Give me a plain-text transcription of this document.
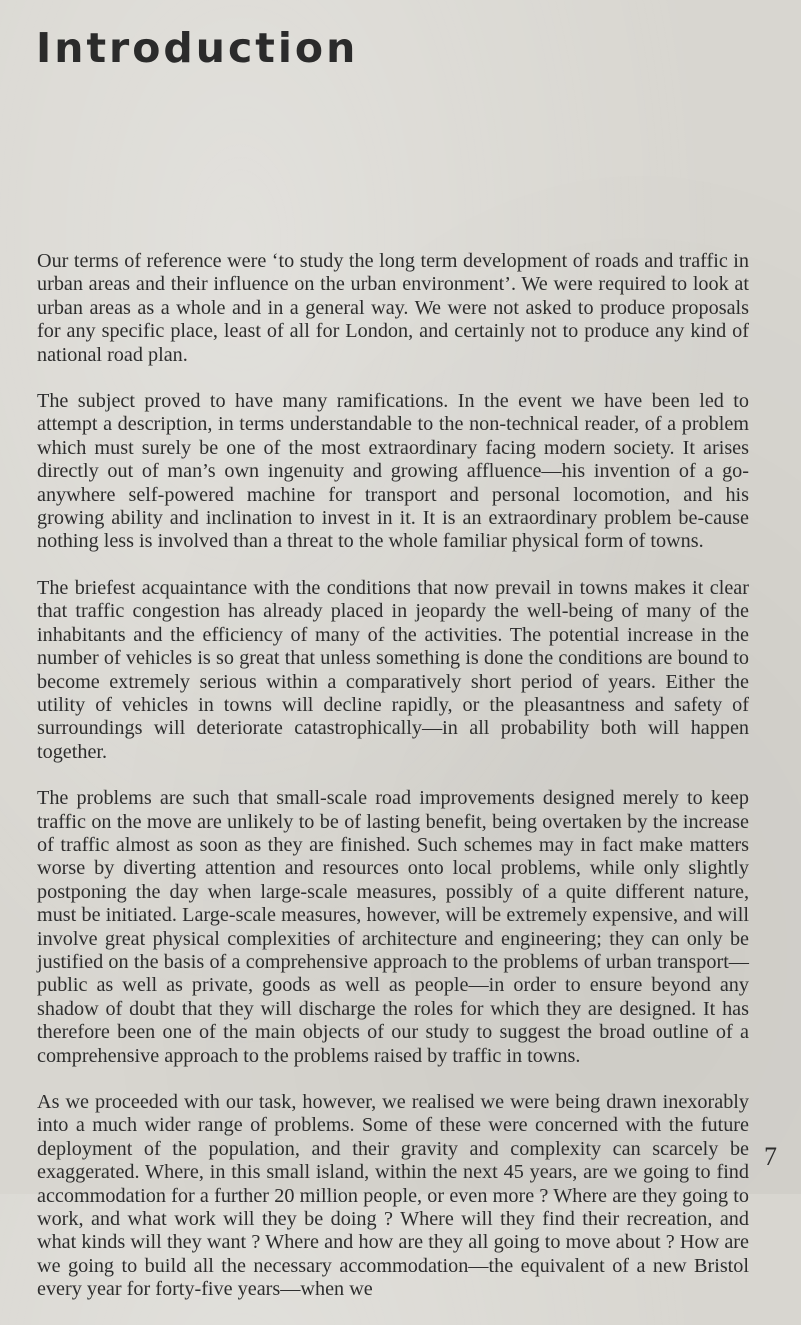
Introduction

Our terms of reference were ‘to study the long term development of roads and traffic in urban areas and their influence on the urban environment’. We were required to look at urban areas as a whole and in a general way. We were not asked to produce proposals for any specific place, least of all for London, and certainly not to produce any kind of national road plan.

The subject proved to have many ramifications. In the event we have been led to attempt a description, in terms understandable to the non-technical reader, of a problem which must surely be one of the most extraordinary facing modern society. It arises directly out of man’s own ingenuity and growing affluence—his invention of a go-anywhere self-powered machine for transport and personal locomotion, and his growing ability and inclination to invest in it. It is an extraordinary problem be-cause nothing less is involved than a threat to the whole familiar physical form of towns.

The briefest acquaintance with the conditions that now prevail in towns makes it clear that traffic congestion has already placed in jeopardy the well-being of many of the inhabitants and the efficiency of many of the activities. The potential increase in the number of vehicles is so great that unless something is done the conditions are bound to become extremely serious within a comparatively short period of years. Either the utility of vehicles in towns will decline rapidly, or the pleasantness and safety of surroundings will deteriorate catastrophically—in all probability both will happen together.

The problems are such that small-scale road improvements designed merely to keep traffic on the move are unlikely to be of lasting benefit, being overtaken by the increase of traffic almost as soon as they are finished. Such schemes may in fact make matters worse by diverting attention and resources onto local problems, while only slightly postponing the day when large-scale measures, possibly of a quite different nature, must be initiated. Large-scale measures, however, will be extremely expensive, and will involve great physical complexities of architecture and engineering; they can only be justified on the basis of a comprehensive approach to the problems of urban transport—public as well as private, goods as well as people—in order to ensure beyond any shadow of doubt that they will discharge the roles for which they are designed. It has therefore been one of the main objects of our study to suggest the broad outline of a comprehensive approach to the problems raised by traffic in towns.

As we proceeded with our task, however, we realised we were being drawn inexorably into a much wider range of problems. Some of these were concerned with the future deployment of the population, and their gravity and complexity can scarcely be exaggerated. Where, in this small island, within the next 45 years, are we going to find accommodation for a further 20 million people, or even more ? Where are they going to work, and what work will they be doing ? Where will they find their recreation, and what kinds will they want ? Where and how are they all going to move about ? How are we going to build all the necessary accommodation—the equivalent of a new Bristol every year for forty-five years—when we

7
